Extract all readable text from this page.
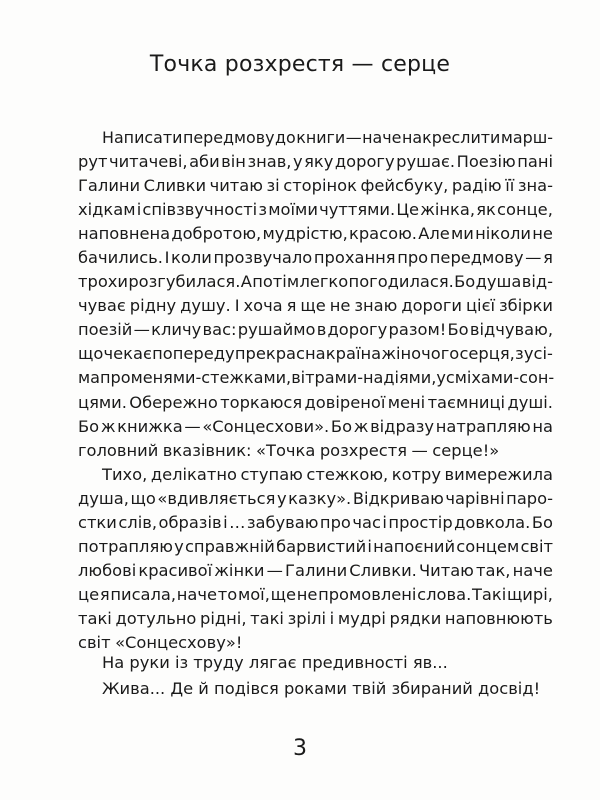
Точка розхрестя — серце
Написати передмову до книги — наче накреслити марш-
рут читачеві, аби він знав, у яку дорогу рушає. Поезію пані
Галини Сливки читаю зі сторінок фейсбуку, радію її зна-
хідкам і співзвучності з моїми чуттями. Це жінка, як сонце,
наповнена добротою, мудрістю, красою. Але ми ніколи не
бачились. І коли прозвучало прохання про передмову — я
трохи розгубилася. А потім легко погодилася. Бо душа від-
чуває рідну душу. І хоча я ще не знаю дороги цієї збірки
поезій — кличу вас: рушаймо в дорогу разом! Бо відчуваю,
що чекає попереду прекрасна країна жіночого серця, з усі-
ма променями-стежками, вітрами-надіями, усміхами-сон-
цями. Обережно торкаюся довіреної мені таємниці душі.
Бо ж книжка — «Сонцесхови». Бо ж відразу натрапляю на
головний вказівник: «Точка розхрестя — серце!»
Тихо, делікатно ступаю стежкою, котру вимережила
душа, що «вдивляється у казку». Відкриваю чарівні паро-
стки слів, образів і … забуваю про час і простір довкола. Бо
потрапляю у справжній барвистий і напоєний сонцем світ
любові красивої жінки — Галини Сливки. Читаю так, наче
це я писала, наче то мої, ще не промовлені слова. Такі щирі,
такі дотульно рідні, такі зрілі і мудрі рядки наповнюють
світ «Сонцесхову»!
На руки із труду лягає предивності яв...
Жива... Де й подівся роками твій збираний досвід!
3
